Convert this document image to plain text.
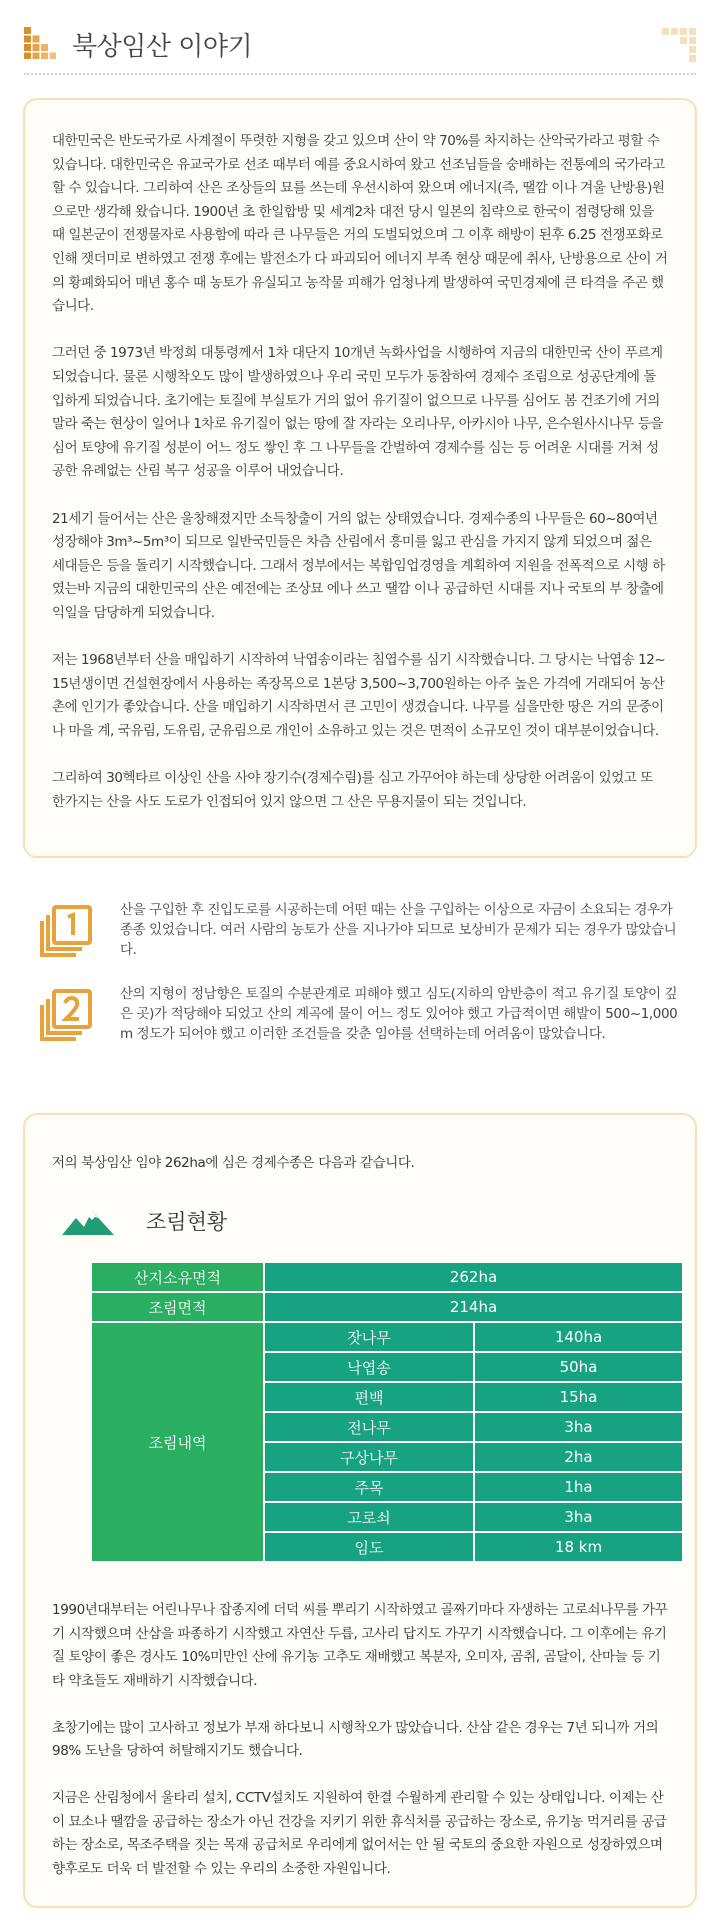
북상임산 이야기

대한민국은 반도국가로 사계절이 뚜렷한 지형을 갖고 있으며 산이 약 70%를 차지하는 산악국가라고 평할 수 있습니다. 대한민국은 유교국가로 선조 때부터 예를 중요시하여 왔고 선조님들을 숭배하는 전통예의 국가라고 할 수 있습니다. 그리하여 산은 조상들의 묘를 쓰는데 우선시하여 왔으며 에너지(즉, 땔깜 이나 겨울 난방용)원으로만 생각해 왔습니다. 1900년 초 한일합방 및 세계2차 대전 당시 일본의 침략으로 한국이 점령당해 있을 때 일본군이 전쟁물자로 사용함에 따라 큰 나무들은 거의 도벌되었으며 그 이후 해방이 된후 6.25 전쟁포화로 인해 잿더미로 변하였고 전쟁 후에는 발전소가 다 파괴되어 에너지 부족 현상 때문에 취사, 난방용으로 산이 거의 황폐화되어 매년 홍수 때 농토가 유실되고 농작물 피해가 엄청나게 발생하여 국민경제에 큰 타격을 주곤 했습니다.

그러던 중 1973년 박정희 대통령께서 1차 대단지 10개년 녹화사업을 시행하여 지금의 대한민국 산이 푸르게 되었습니다. 물론 시행착오도 많이 발생하였으나 우리 국민 모두가 동참하여 경제수 조림으로 성공단계에 돌입하게 되었습니다. 초기에는 토질에 부실토가 거의 없어 유기질이 없으므로 나무를 심어도 봄 건조기에 거의 말라 죽는 현상이 일어나 1차로 유기질이 없는 땅에 잘 자라는 오리나무, 아카시아 나무, 은수원사시나무 등을 심어 토양에 유기질 성분이 어느 정도 쌓인 후 그 나무들을 간벌하여 경제수를 심는 등 어려운 시대를 거쳐 성공한 유례없는 산림 복구 성공을 이루어 내었습니다.

21세기 들어서는 산은 울창해졌지만 소득창출이 거의 없는 상태였습니다. 경제수종의 나무들은 60~80여년 성장해야 3m³~5m³이 되므로 일반국민들은 차츰 산림에서 흥미를 잃고 관심을 가지지 않게 되었으며 젊은 세대들은 등을 돌리기 시작했습니다. 그래서 정부에서는 복합임업경영을 계획하여 지원을 전폭적으로 시행 하였는바 지금의 대한민국의 산은 예전에는 조상묘 에나 쓰고 땔깜 이나 공급하던 시대를 지나 국토의 부 창출에 익일을 담당하게 되었습니다.

저는 1968년부터 산을 매입하기 시작하여 낙엽송이라는 침엽수를 심기 시작했습니다. 그 당시는 낙엽송 12~15년생이면 건설현장에서 사용하는 족장목으로 1본당 3,500~3,700원하는 아주 높은 가격에 거래되어 농산촌에 인기가 좋았습니다. 산을 매입하기 시작하면서 큰 고민이 생겼습니다. 나무를 심을만한 땅은 거의 문중이나 마을 계, 국유림, 도유림, 군유림으로 개인이 소유하고 있는 것은 면적이 소규모인 것이 대부분이었습니다.

그리하여 30헥타르 이상인 산을 사야 장기수(경제수림)를 심고 가꾸어야 하는데 상당한 어려움이 있었고 또 한가지는 산을 사도 도로가 인접되어 있지 않으면 그 산은 무용지물이 되는 것입니다.

산을 구입한 후 진입도로를 시공하는데 어떤 때는 산을 구입하는 이상으로 자금이 소요되는 경우가 종종 있었습니다. 여러 사람의 농토가 산을 지나가야 되므로 보상비가 문제가 되는 경우가 많았습니다.

산의 지형이 정남향은 토질의 수분관계로 피해야 했고 심도(지하의 암반층이 적고 유기질 토양이 깊은 곳)가 적당해야 되었고 산의 계곡에 물이 어느 정도 있어야 했고 가급적이면 해발이 500~1,000m 정도가 되어야 했고 이러한 조건들을 갖춘 임야를 선택하는데 어려움이 많았습니다.

저의 북상임산 임야 262ha에 심은 경제수종은 다음과 같습니다.
조림현황
산지소유면적	262ha	
조림면적	214ha	
조림내역	잣나무	140ha
	낙엽송	50ha
	편백	15ha
	전나무	3ha
	구상나무	2ha
	주목	1ha
	고로쇠	3ha
	임도	18 km

1990년대부터는 어린나무나 잡종지에 더덕 씨를 뿌리기 시작하였고 골짜기마다 자생하는 고로쇠나무를 가꾸기 시작했으며 산삼을 파종하기 시작했고 자연산 두릅, 고사리 답지도 가꾸기 시작했습니다. 그 이후에는 유기질 토양이 좋은 경사도 10%미만인 산에 유기농 고추도 재배했고 복분자, 오미자, 곰취, 곰달이, 산마늘 등 기타 약초들도 재배하기 시작했습니다.

초창기에는 많이 고사하고 정보가 부재 하다보니 시행착오가 많았습니다. 산삼 같은 경우는 7년 되니까 거의 98% 도난을 당하여 허탈해지기도 했습니다.

지금은 산림청에서 울타리 설치, CCTV설치도 지원하여 한결 수월하게 관리할 수 있는 상태입니다. 이제는 산이 묘소나 땔깜을 공급하는 장소가 아닌 건강을 지키기 위한 휴식처를 공급하는 장소로, 유기농 먹거리를 공급하는 장소로, 목조주택을 짓는 목재 공급처로 우리에게 없어서는 안 될 국토의 중요한 자원으로 성장하였으며 향후로도 더욱 더 발전할 수 있는 우리의 소중한 자원입니다.
